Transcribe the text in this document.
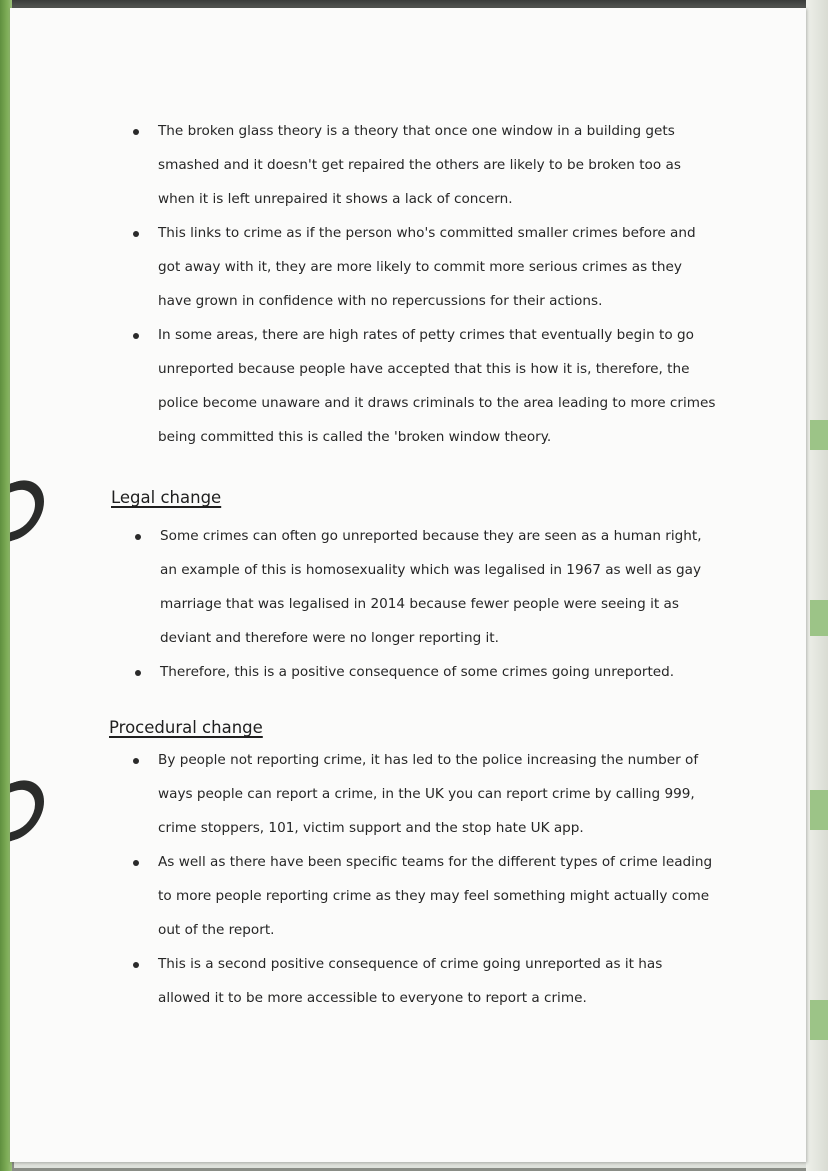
The broken glass theory is a theory that once one window in a building gets smashed and it doesn't get repaired the others are likely to be broken too as when it is left unrepaired it shows a lack of concern.
This links to crime as if the person who's committed smaller crimes before and got away with it, they are more likely to commit more serious crimes as they have grown in confidence with no repercussions for their actions.
In some areas, there are high rates of petty crimes that eventually begin to go unreported because people have accepted that this is how it is, therefore, the police become unaware and it draws criminals to the area leading to more crimes being committed this is called the 'broken window theory.
Legal change
Some crimes can often go unreported because they are seen as a human right, an example of this is homosexuality which was legalised in 1967 as well as gay marriage that was legalised in 2014 because fewer people were seeing it as deviant and therefore were no longer reporting it.
Therefore, this is a positive consequence of some crimes going unreported.
Procedural change
By people not reporting crime, it has led to the police increasing the number of ways people can report a crime, in the UK you can report crime by calling 999, crime stoppers, 101, victim support and the stop hate UK app.
As well as there have been specific teams for the different types of crime leading to more people reporting crime as they may feel something might actually come out of the report.
This is a second positive consequence of crime going unreported as it has allowed it to be more accessible to everyone to report a crime.
